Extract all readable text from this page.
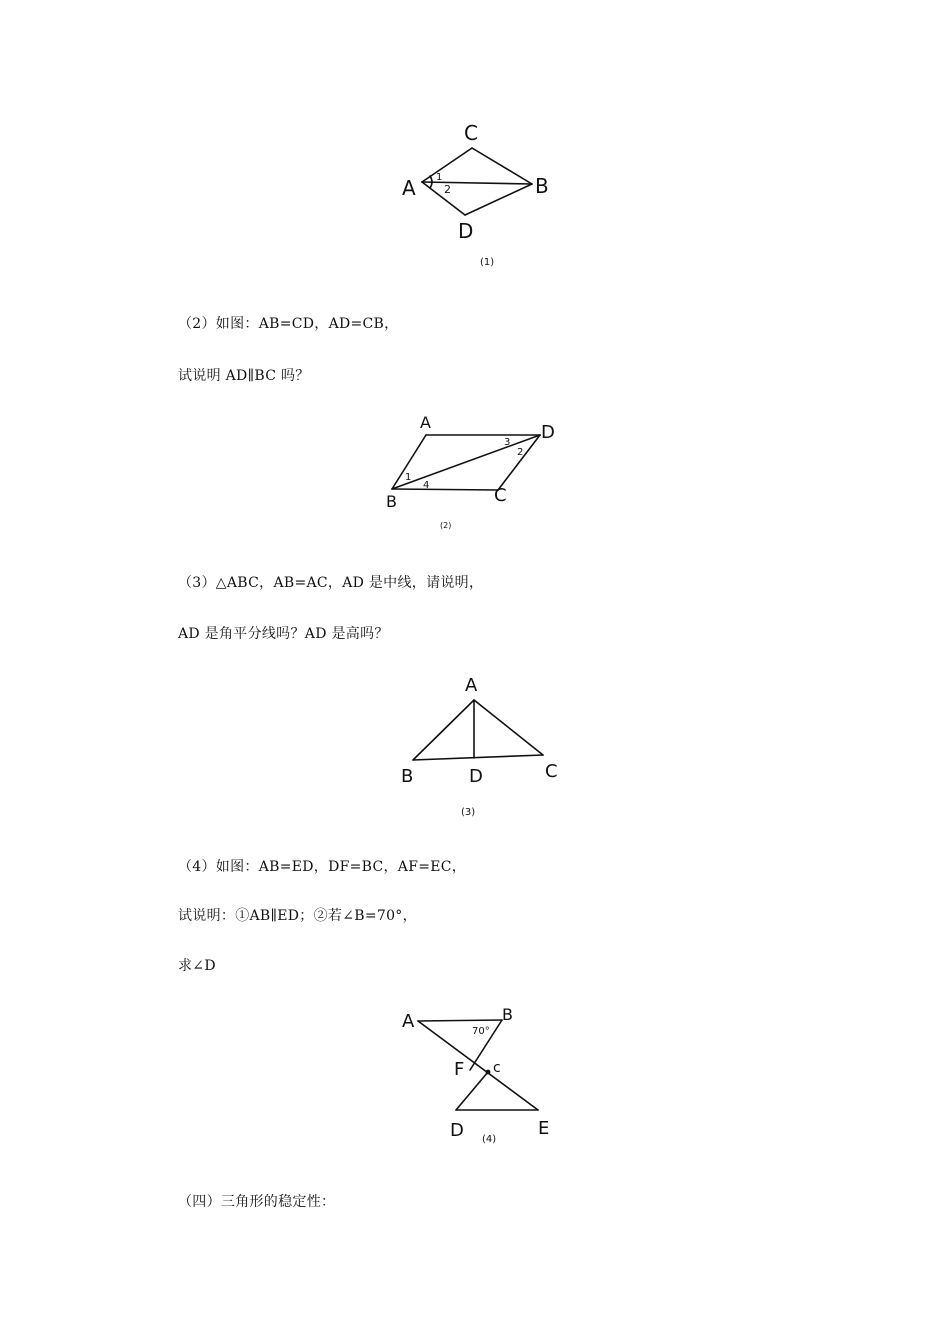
A	B
C
D
1
2
(1)
（2）如图：AB=CD，AD=CB，
试说明 AD∥BC 吗？
A
B	C
D
1
2
3
4
(2)
（3）△ABC，AB=AC，AD 是中线，请说明，
AD 是角平分线吗？AD 是高吗？
A
B	C
D
(3)
（4）如图：AB=ED，DF=BC，AF=EC，
试说明：①AB∥ED；②若∠B=70°，
求∠D
A	B
c
D	E
F
70°
(4)
（四）三角形的稳定性：
